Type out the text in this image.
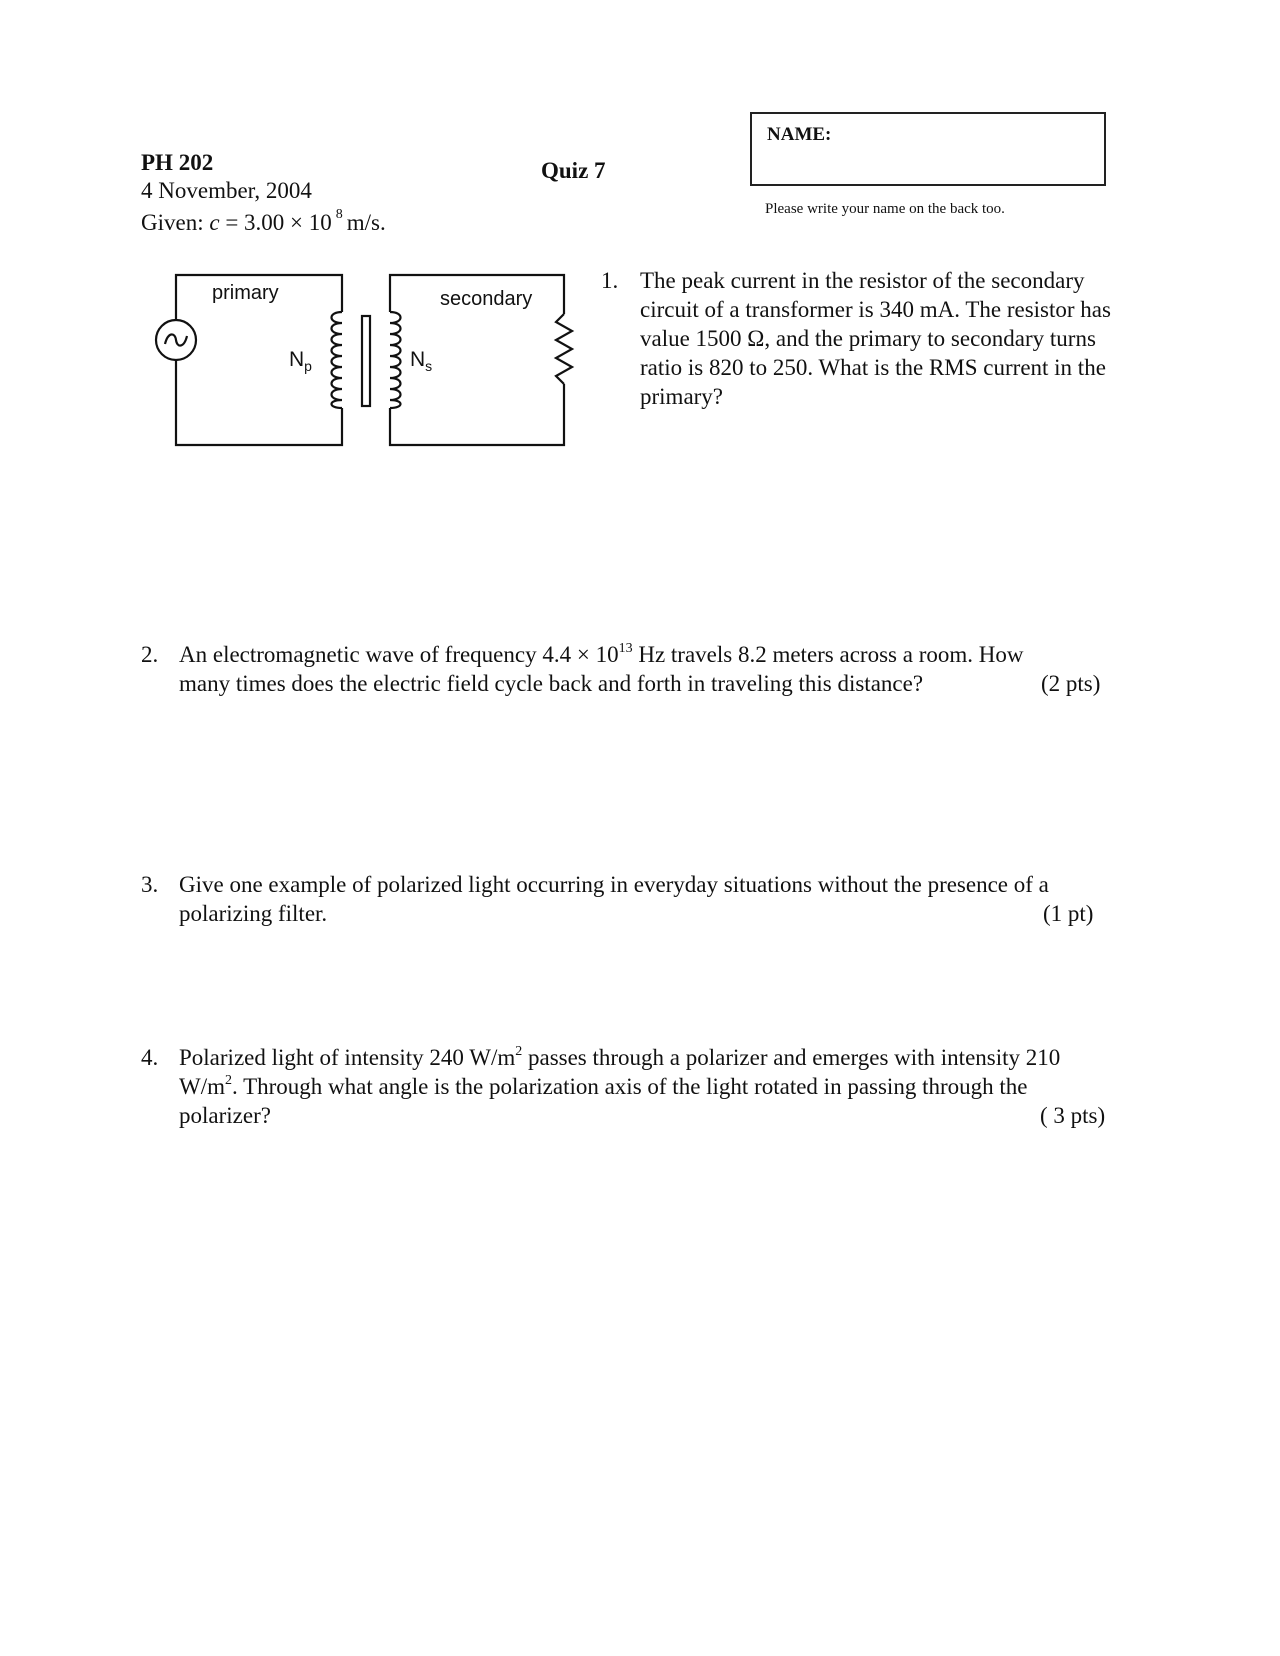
PH 202
4 November, 2004
Given: c = 3.00 × 10 $^8$ m/s.
Quiz 7
NAME:
Please write your name on the back too.
primary	secondary
$N_p$	$N_s$
1. The peak current in the resistor of the secondary
circuit of a transformer is 340 mA. The resistor has
value 1500 Ω, and the primary to secondary turns
ratio is 820 to 250. What is the RMS current in the
primary?
2. An electromagnetic wave of frequency $4.4 \times 10^{13}$ Hz travels 8.2 meters across a room. How
many times does the electric field cycle back and forth in traveling this distance?	(2 pts)
3. Give one example of polarized light occurring in everyday situations without the presence of a
polarizing filter.	(1 pt)
4. Polarized light of intensity 240 $W/m^2$ passes through a polarizer and emerges with intensity 210
$W/m^2$. Through what angle is the polarization axis of the light rotated in passing through the
polarizer?	( 3 pts)
